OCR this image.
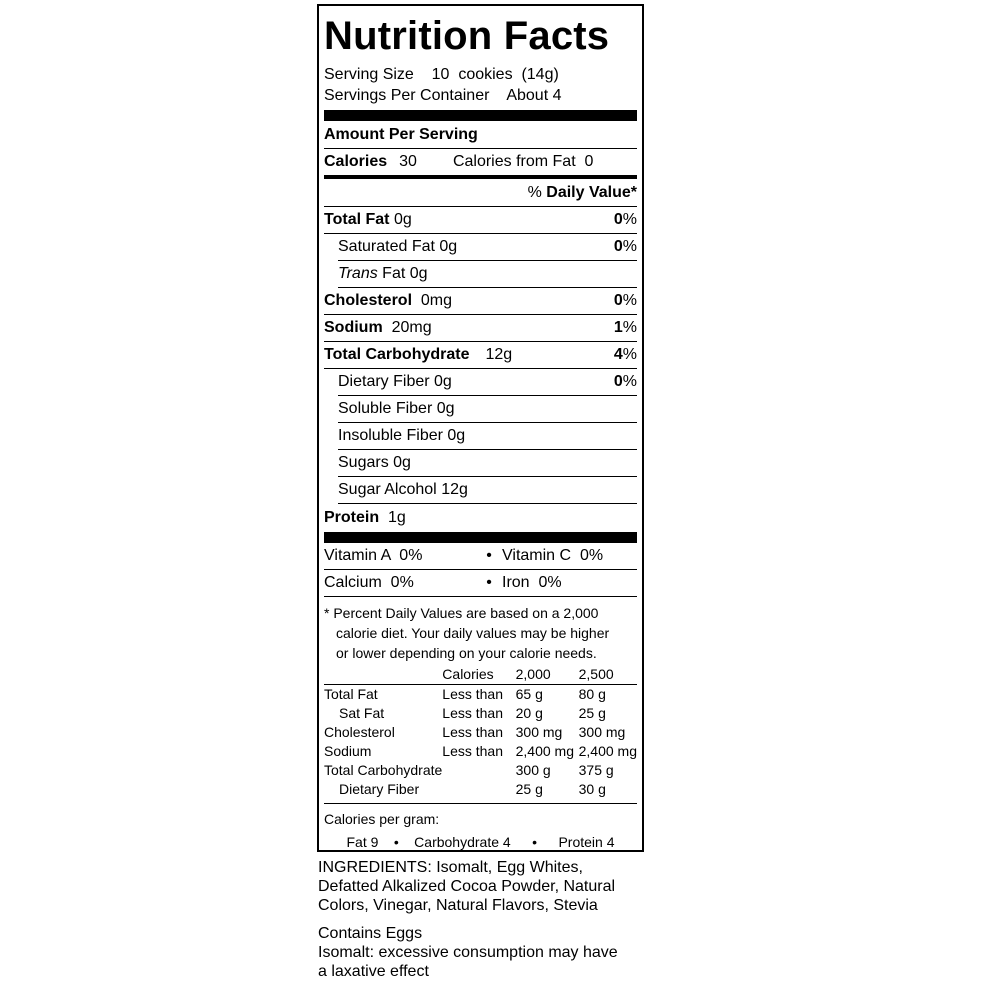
Nutrition Facts
Serving Size 10  cookies  (14g)
Servings Per Container About 4
Amount Per Serving
Calories 30 Calories from Fat  0
% Daily Value*
Total Fat 0g	0%
Saturated Fat 0g	0%
Trans Fat 0g
Cholesterol 0mg	0%
Sodium 20mg	1%
Total Carbohydrate 12g	4%
Dietary Fiber 0g	0%
Soluble Fiber 0g
Insoluble Fiber 0g
Sugars 0g
Sugar Alcohol 12g
Protein 1g
Vitamin A  0%	• Vitamin C  0%
Calcium  0%	• Iron  0%

* Percent Daily Values are based on a 2,000

calorie diet. Your daily values may be higher

or lower depending on your calorie needs.

	Calories	2,000	2,500
Total Fat	Less than	65 g	80 g
Sat Fat	Less than	20 g	25 g
Cholesterol	Less than	300 mg	300 mg
Sodium	Less than	2,400 mg	2,400 mg
Total Carbohydrate		300 g	375 g
Dietary Fiber		25 g	30 g
Calories per gram:
Fat 9 • Carbohydrate 4 • Protein 4
INGREDIENTS: Isomalt, Egg Whites,
Defatted Alkalized Cocoa Powder, Natural
Colors, Vinegar, Natural Flavors, Stevia
Contains Eggs
Isomalt: excessive consumption may have
a laxative effect
